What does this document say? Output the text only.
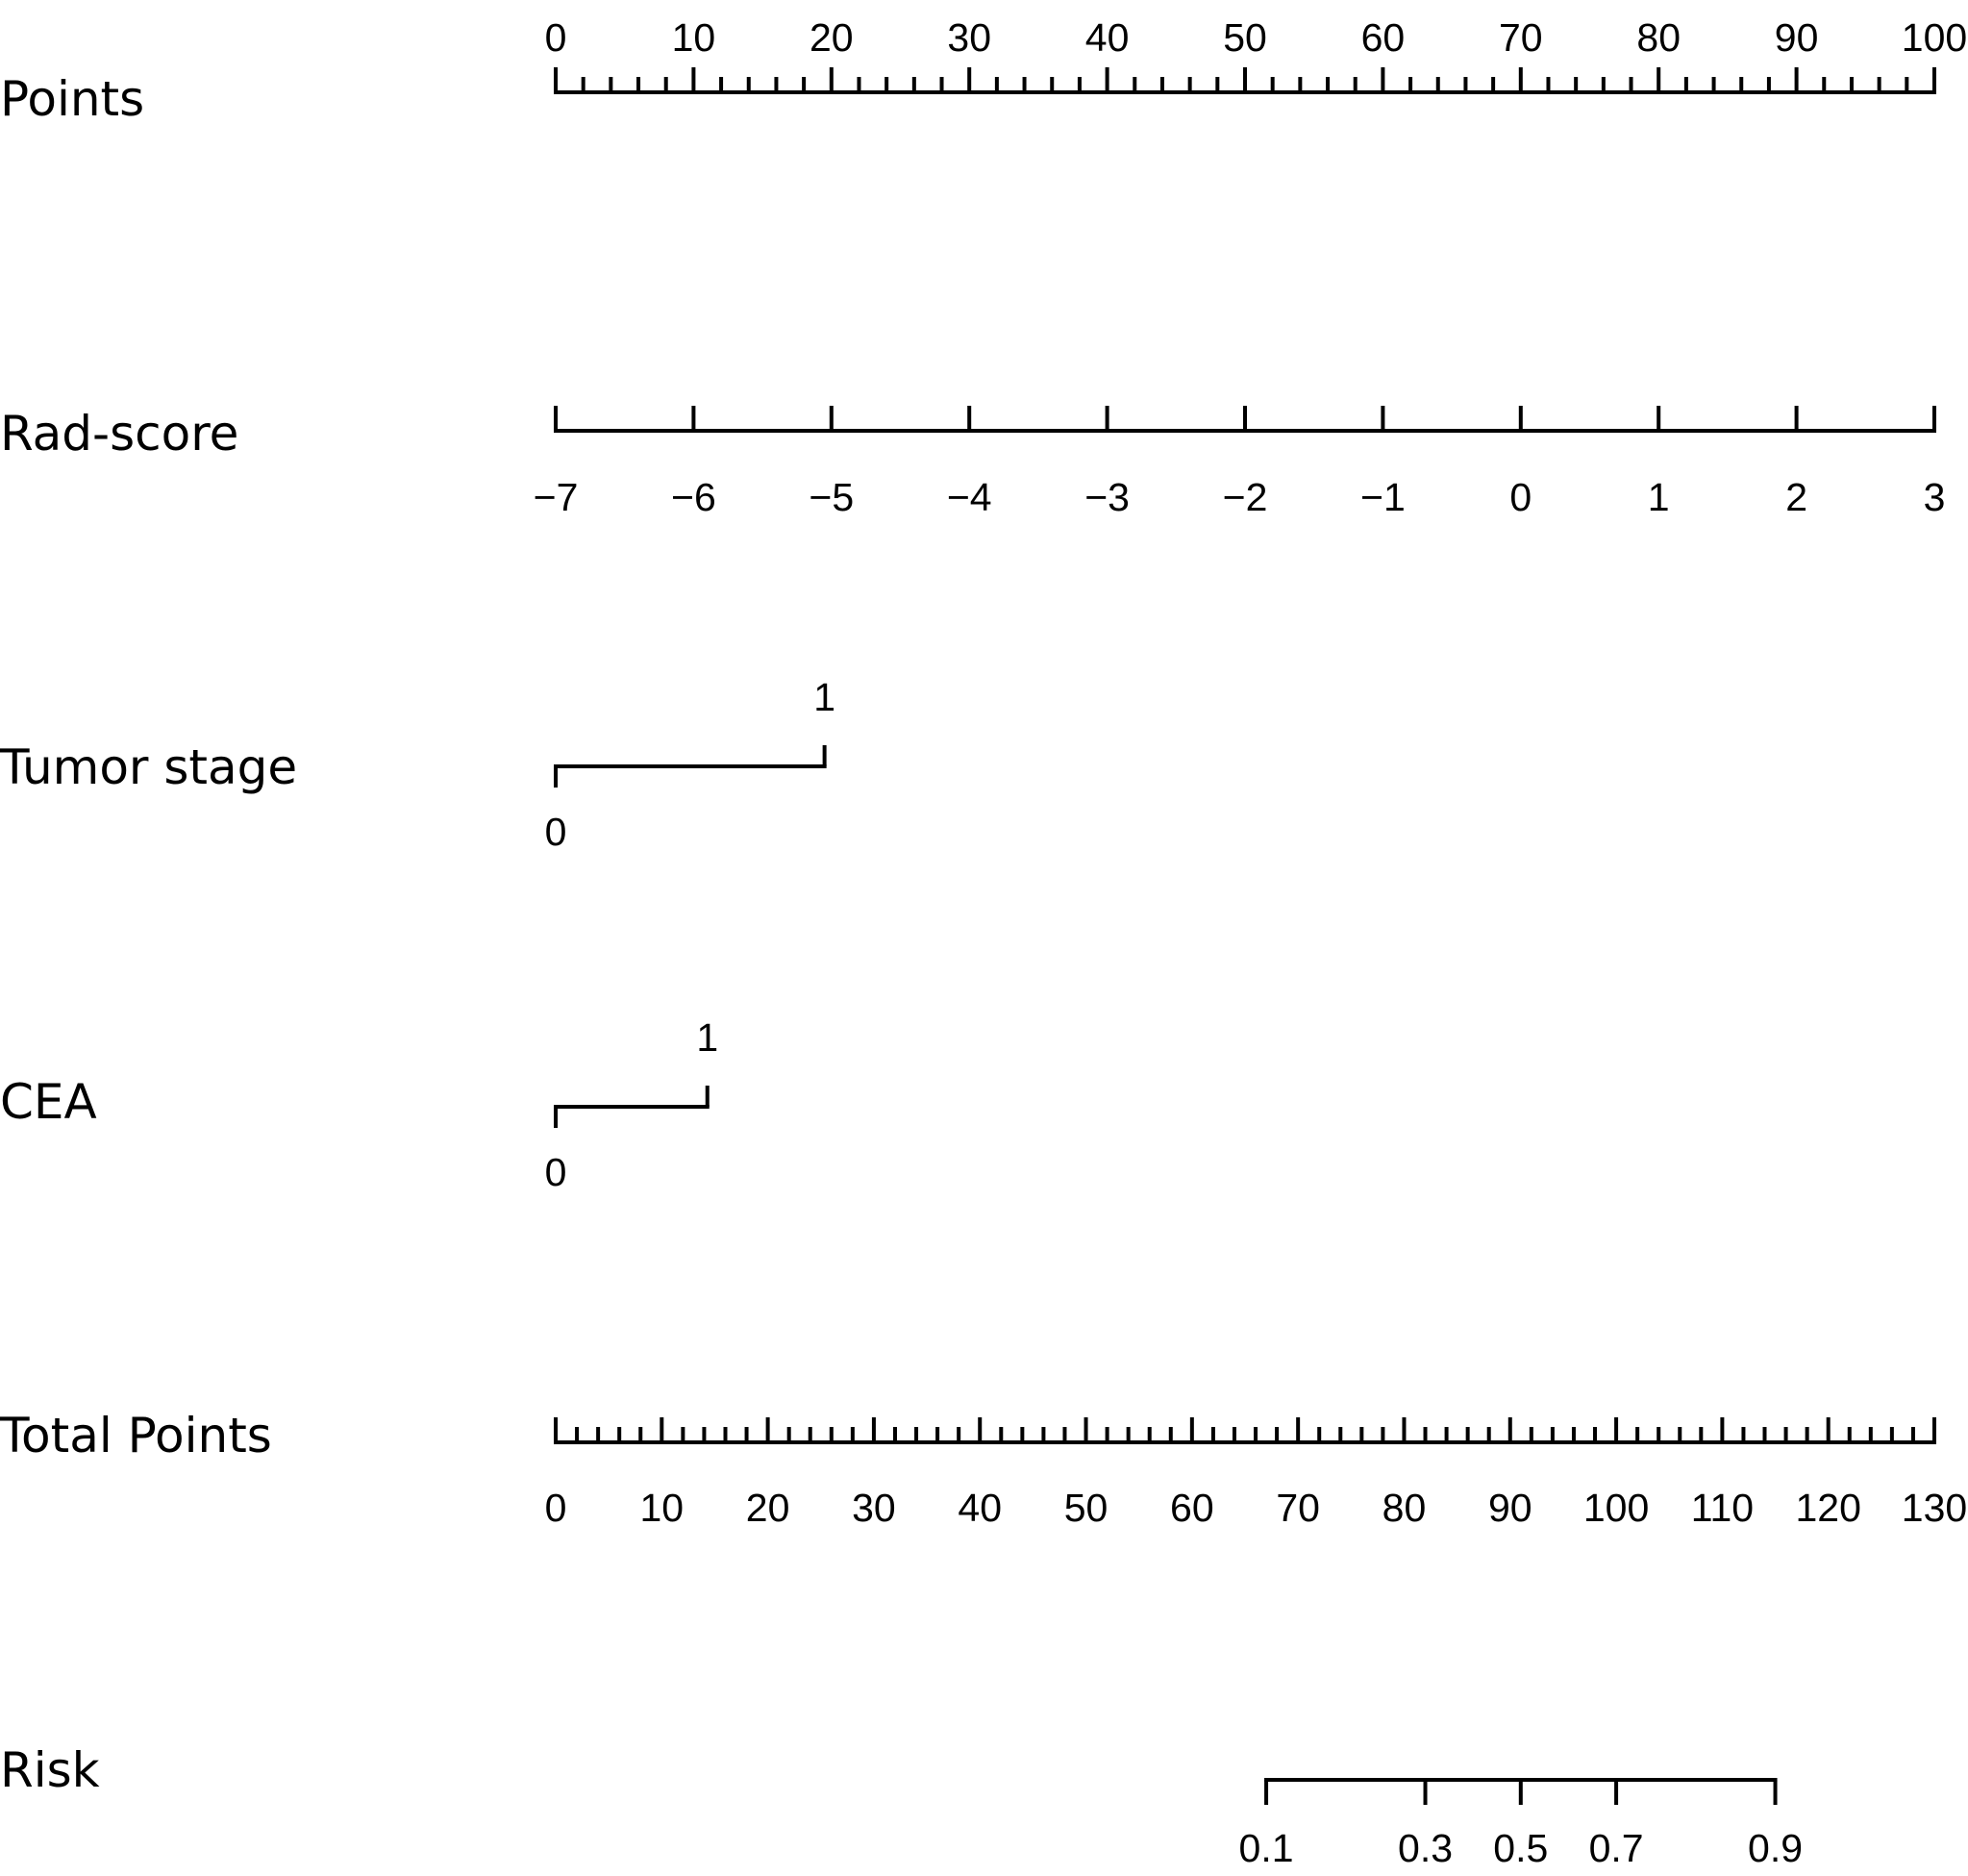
Points
Rad-score
Tumor stage
CEA
Total Points
Risk
0	10 20 30 40 50 60 70 80 90 100
−7 −6 −5 −4 −3 −2 −1	0	1	2	3
0
1
0
1
0 10 20 30 40 50 60 70 80 90 100 110 120 130
0.1	0.3 0.5 0.7	0.9
